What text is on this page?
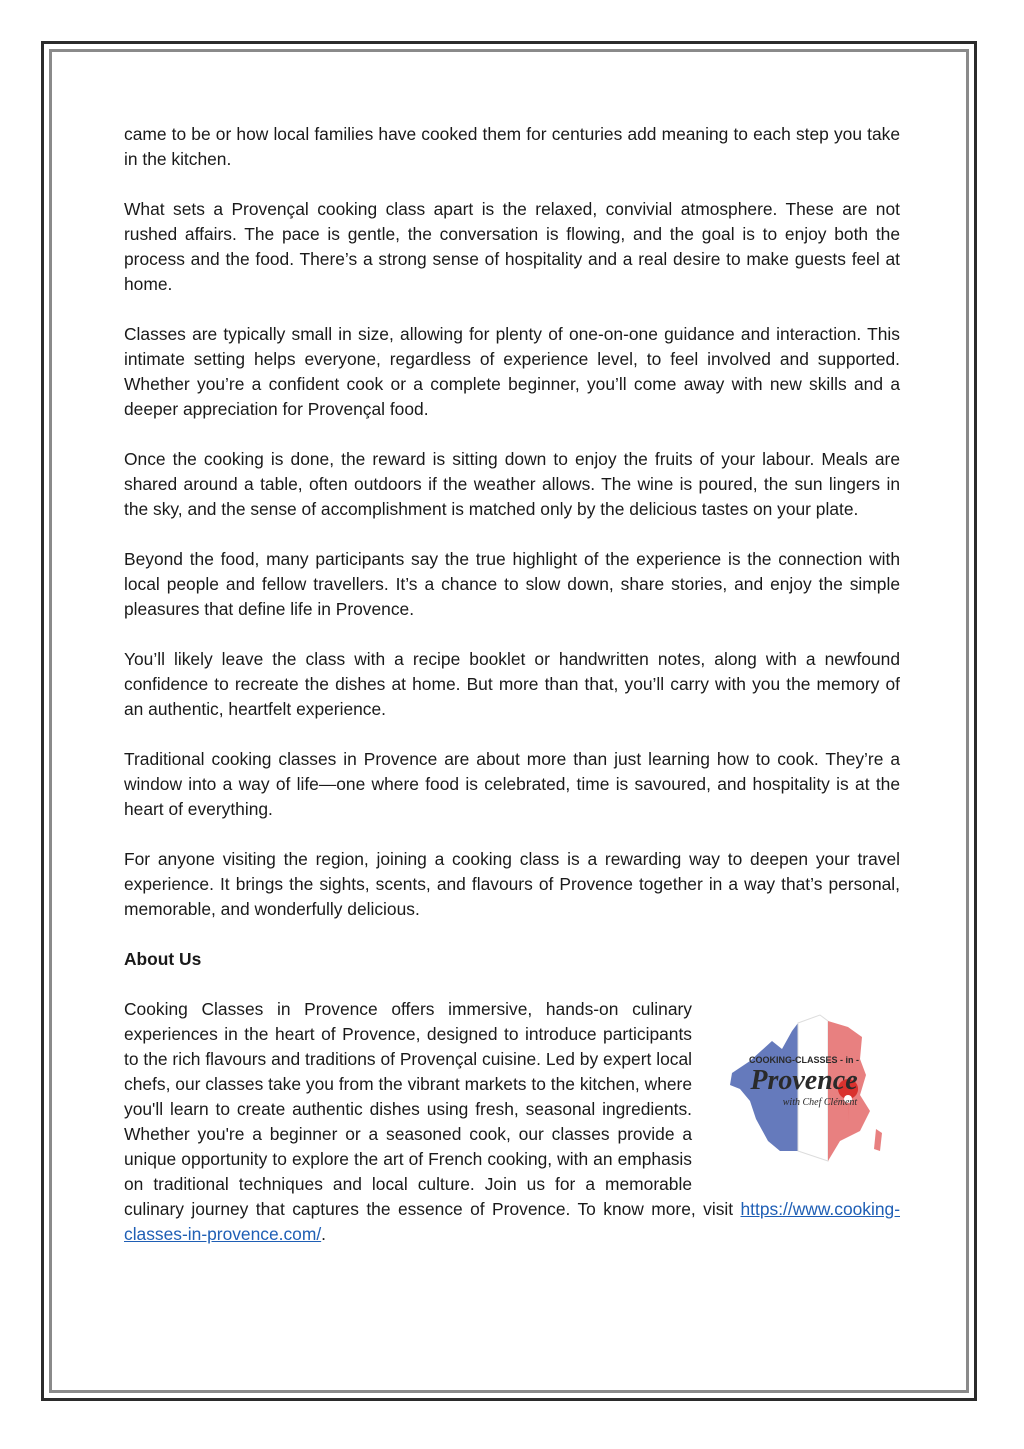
came to be or how local families have cooked them for centuries add meaning to each step you take in the kitchen.

What sets a Provençal cooking class apart is the relaxed, convivial atmosphere. These are not rushed affairs. The pace is gentle, the conversation is flowing, and the goal is to enjoy both the process and the food. There’s a strong sense of hospitality and a real desire to make guests feel at home.

Classes are typically small in size, allowing for plenty of one-on-one guidance and interaction. This intimate setting helps everyone, regardless of experience level, to feel involved and supported. Whether you’re a confident cook or a complete beginner, you’ll come away with new skills and a deeper appreciation for Provençal food.

Once the cooking is done, the reward is sitting down to enjoy the fruits of your labour. Meals are shared around a table, often outdoors if the weather allows. The wine is poured, the sun lingers in the sky, and the sense of accomplishment is matched only by the delicious tastes on your plate.

Beyond the food, many participants say the true highlight of the experience is the connection with local people and fellow travellers. It’s a chance to slow down, share stories, and enjoy the simple pleasures that define life in Provence.

You’ll likely leave the class with a recipe booklet or handwritten notes, along with a newfound confidence to recreate the dishes at home. But more than that, you’ll carry with you the memory of an authentic, heartfelt experience.

Traditional cooking classes in Provence are about more than just learning how to cook. They’re a window into a way of life—one where food is celebrated, time is savoured, and hospitality is at the heart of everything.

For anyone visiting the region, joining a cooking class is a rewarding way to deepen your travel experience. It brings the sights, scents, and flavours of Provence together in a way that’s personal, memorable, and wonderfully delicious.

About Us
COOKING-CLASSES - in -
Provence
with Chef Clément

Cooking Classes in Provence offers immersive, hands-on culinary experiences in the heart of Provence, designed to introduce participants to the rich flavours and traditions of Provençal cuisine. Led by expert local chefs, our classes take you from the vibrant markets to the kitchen, where you'll learn to create authentic dishes using fresh, seasonal ingredients. Whether you're a beginner or a seasoned cook, our classes provide a unique opportunity to explore the art of French cooking, with an emphasis on traditional techniques and local culture. Join us for a memorable culinary journey that captures the essence of Provence. To know more, visit https://www.cooking-classes-in-provence.com/.
